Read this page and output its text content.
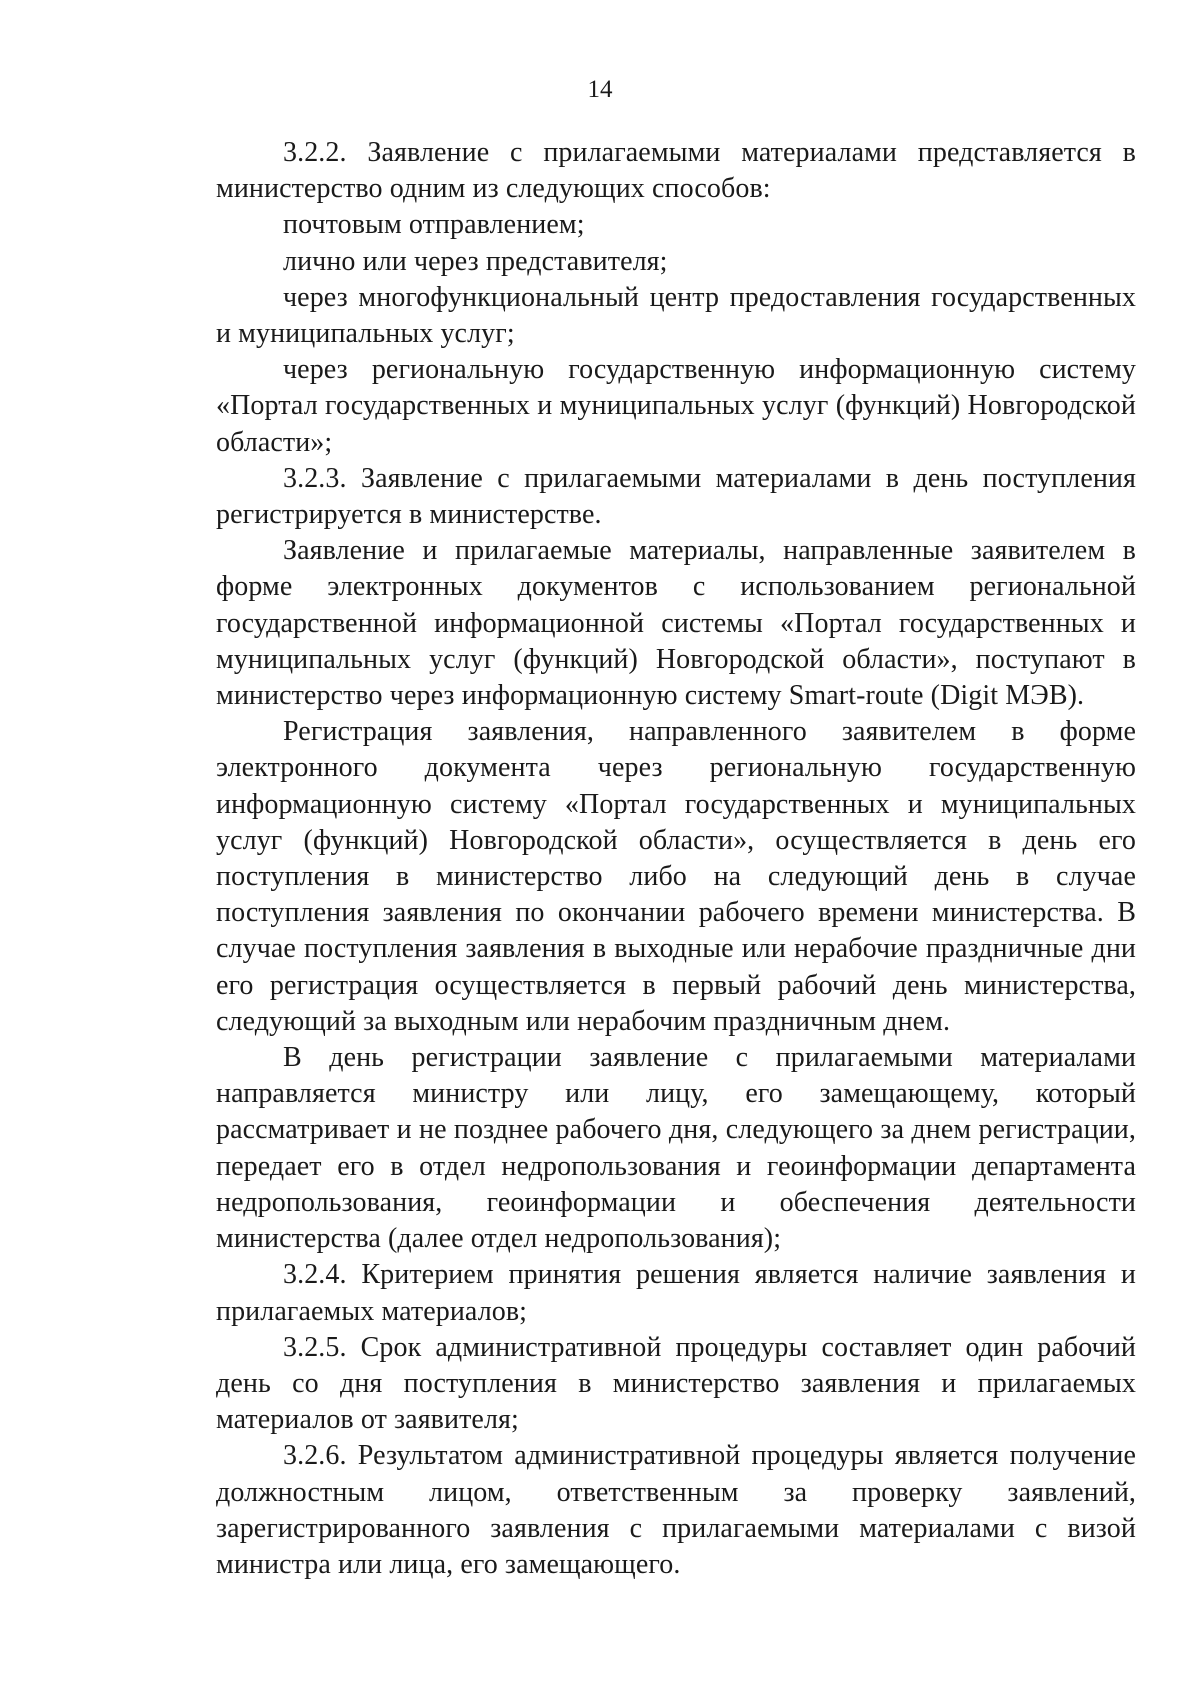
14

3.2.2. Заявление с прилагаемыми материалами представляется в министерство одним из следующих способов:

почтовым отправлением;

лично или через представителя;

через многофункциональный центр предоставления государственных и муниципальных услуг;

через региональную государственную информационную систему «Портал государственных и муниципальных услуг (функций) Новгородской области»;

3.2.3. Заявление с прилагаемыми материалами в день поступления регистрируется в министерстве.

Заявление и прилагаемые материалы, направленные заявителем в форме электронных документов с использованием региональной государственной информационной системы «Портал государственных и муниципальных услуг (функций) Новгородской области», поступают в министерство через информационную систему Smart-route (Digit МЭВ).

Регистрация заявления, направленного заявителем в форме электронного документа через региональную государственную информационную систему «Портал государственных и муниципальных услуг (функций) Новгородской области», осуществляется в день его поступления в министерство либо на следующий день в случае поступления заявления по окончании рабочего времени министерства. В случае поступления заявления в выходные или нерабочие праздничные дни его регистрация осуществляется в первый рабочий день министерства, следующий за выходным или нерабочим праздничным днем.

В день регистрации заявление с прилагаемыми материалами направляется министру или лицу, его замещающему, который рассматривает и не позднее рабочего дня, следующего за днем регистрации, передает его в отдел недропользования и геоинформации департамента недропользования, геоинформации и обеспечения деятельности министерства (далее отдел недропользования);

3.2.4. Критерием принятия решения является наличие заявления и прилагаемых материалов;

3.2.5. Срок административной процедуры составляет один рабочий день со дня поступления в министерство заявления и прилагаемых материалов от заявителя;

3.2.6. Результатом административной процедуры является получение должностным лицом, ответственным за проверку заявлений, зарегистрированного заявления с прилагаемыми материалами с визой министра или лица, его замещающего.
